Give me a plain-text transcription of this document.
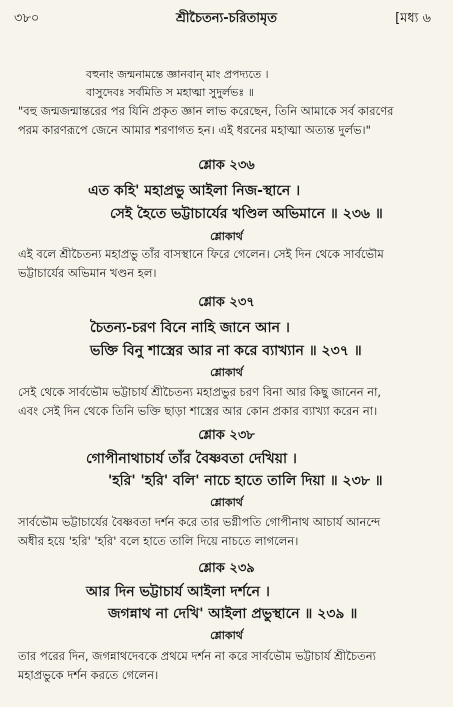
৩৮০	শ্রীচৈতন্য-চরিতামৃত	[মধ্য ৬
বহুনাং জন্মনামন্তে জ্ঞানবান্ মাং প্রপদ্যতে ।
বাসুদেবঃ সর্বমিতি স মহাত্মা সুদুর্লভঃ ॥
"বহু জন্মজন্মান্তরের পর যিনি প্রকৃত জ্ঞান লাভ করেছেন, তিনি আমাকে সর্ব কারণের
পরম কারণরূপে জেনে আমার শরণাগত হন। এই ধরনের মহাত্মা অত্যন্ত দুর্লভ।"
শ্লোক ২৩৬
এত কহি' মহাপ্রভু আইলা নিজ-স্থানে ।
সেই হৈতে ভট্টাচার্যের খণ্ডিল অভিমানে ॥ ২৩৬ ॥
শ্লোকার্থ
এই বলে শ্রীচৈতন্য মহাপ্রভু তাঁর বাসস্থানে ফিরে গেলেন। সেই দিন থেকে সার্বভৌম
ভট্টাচার্যের অভিমান খণ্ডন হল।
শ্লোক ২৩৭
চৈতন্য-চরণ বিনে নাহি জানে আন ।
ভক্তি বিনু শাস্ত্রের আর না করে ব্যাখ্যান ॥ ২৩৭ ॥
শ্লোকার্থ
সেই থেকে সার্বভৌম ভট্টাচার্য শ্রীচৈতন্য মহাপ্রভুর চরণ বিনা আর কিছু জানেন না,
এবং সেই দিন থেকে তিনি ভক্তি ছাড়া শাস্ত্রের আর কোন প্রকার ব্যাখ্যা করেন না।
শ্লোক ২৩৮
গোপীনাথাচার্য তাঁর বৈষ্ণবতা দেখিয়া ।
'হরি' 'হরি' বলি' নাচে হাতে তালি দিয়া ॥ ২৩৮ ॥
শ্লোকার্থ
সার্বভৌম ভট্টাচার্যের বৈষ্ণবতা দর্শন করে তার ভগ্নীপতি গোপীনাথ আচার্য আনন্দে
অধীর হয়ে 'হরি' 'হরি' বলে হাতে তালি দিয়ে নাচতে লাগলেন।
শ্লোক ২৩৯
আর দিন ভট্টাচার্য আইলা দর্শনে ।
জগন্নাথ না দেখি' আইলা প্রভুস্থানে ॥ ২৩৯ ॥
শ্লোকার্থ
তার পরের দিন, জগন্নাথদেবকে প্রথমে দর্শন না করে সার্বভৌম ভট্টাচার্য শ্রীচৈতন্য
মহাপ্রভুকে দর্শন করতে গেলেন।
